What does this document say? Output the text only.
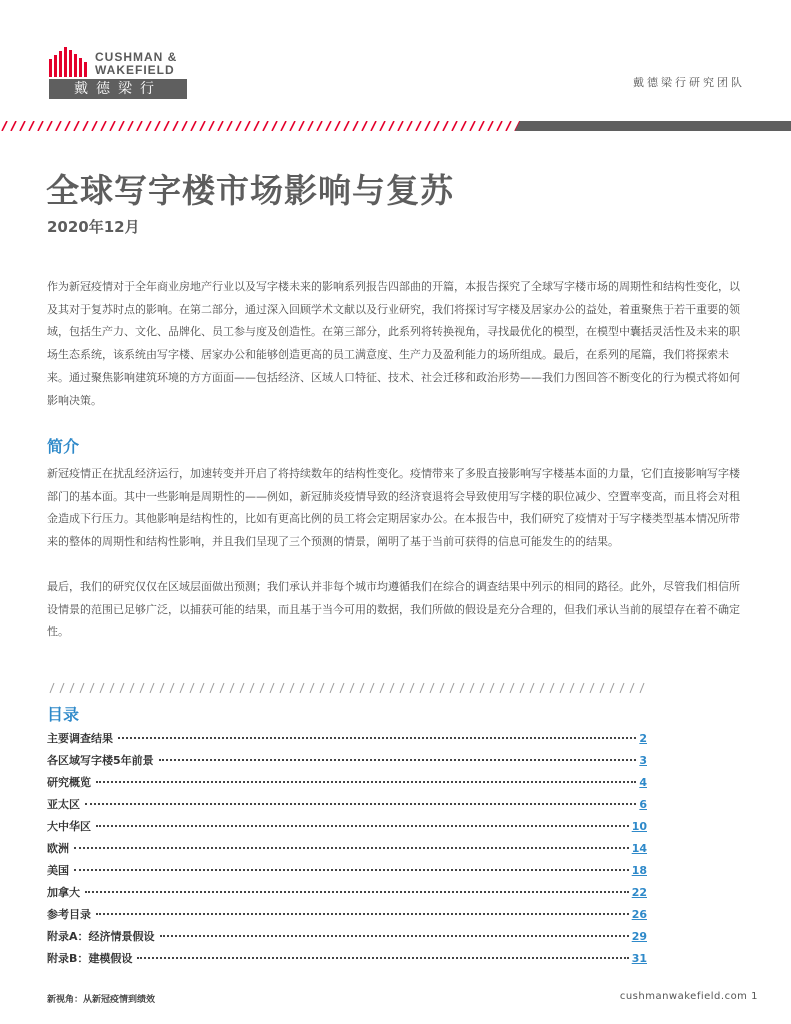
CUSHMAN &
WAKEFIELD
戴德梁行	戴德梁行研究团队
全球写字楼市场影响与复苏
2020年12月

作为新冠疫情对于全年商业房地产行业以及写字楼未来的影响系列报告四部曲的开篇，本报告探究了全球写字楼市场的周期性和结构性变化，以及其对于复苏时点的影响。在第二部分，通过深入回顾学术文献以及行业研究，我们将探讨写字楼及居家办公的益处，着重聚焦于若干重要的领域，包括生产力、文化、品牌化、员工参与度及创造性。在第三部分，此系列将转换视角，寻找最优化的模型，在模型中囊括灵活性及未来的职场生态系统，该系统由写字楼、居家办公和能够创造更高的员工满意度、生产力及盈利能力的场所组成。最后，在系列的尾篇，我们将探索未来。通过聚焦影响建筑环境的方方面面——包括经济、区域人口特征、技术、社会迁移和政治形势——我们力图回答不断变化的行为模式将如何影响决策。

简介

新冠疫情正在扰乱经济运行，加速转变并开启了将持续数年的结构性变化。疫情带来了多股直接影响写字楼基本面的力量，它们直接影响写字楼部门的基本面。其中一些影响是周期性的——例如，新冠肺炎疫情导致的经济衰退将会导致使用写字楼的职位减少、空置率变高，而且将会对租金造成下行压力。其他影响是结构性的，比如有更高比例的员工将会定期居家办公。在本报告中，我们研究了疫情对于写字楼类型基本情况所带来的整体的周期性和结构性影响，并且我们呈现了三个预测的情景，阐明了基于当前可获得的信息可能发生的的结果。

最后，我们的研究仅仅在区域层面做出预测；我们承认并非每个城市均遵循我们在综合的调查结果中列示的相同的路径。此外，尽管我们相信所设情景的范围已足够广泛，以捕获可能的结果，而且基于当今可用的数据，我们所做的假设是充分合理的，但我们承认当前的展望存在着不确定性。

目录
主要调查结果	2
各区域写字楼5年前景	3
研究概览	4
亚太区	6
大中华区	10
欧洲	14
美国	18
加拿大	22
参考目录	26
附录A：经济情景假设	29
附录B：建模假设	31
新视角：从新冠疫情到绩效	cushmanwakefield.com 1
